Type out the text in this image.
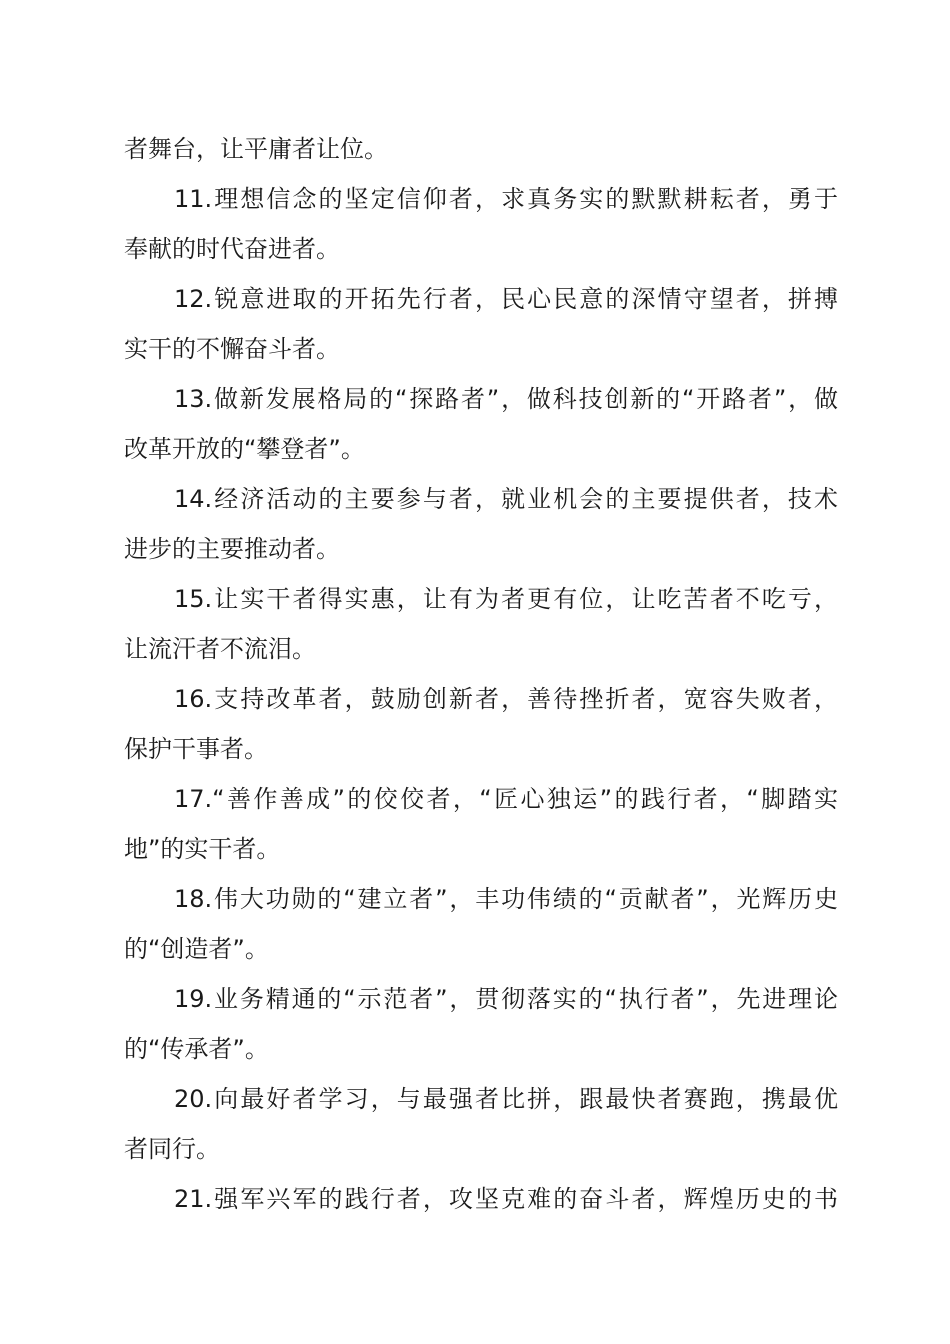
者舞台，让平庸者让位。
11.理想信念的坚定信仰者，求真务实的默默耕耘者，勇于
奉献的时代奋进者。
12.锐意进取的开拓先行者，民心民意的深情守望者，拼搏
实干的不懈奋斗者。
13.做新发展格局的“探路者”，做科技创新的“开路者”，做
改革开放的“攀登者”。
14.经济活动的主要参与者，就业机会的主要提供者，技术
进步的主要推动者。
15.让实干者得实惠，让有为者更有位，让吃苦者不吃亏，
让流汗者不流泪。
16.支持改革者，鼓励创新者，善待挫折者，宽容失败者，
保护干事者。
17.“善作善成”的佼佼者，“匠心独运”的践行者，“脚踏实
地”的实干者。
18.伟大功勋的“建立者”，丰功伟绩的“贡献者”，光辉历史
的“创造者”。
19.业务精通的“示范者”，贯彻落实的“执行者”，先进理论
的“传承者”。
20.向最好者学习，与最强者比拼，跟最快者赛跑，携最优
者同行。
21.强军兴军的践行者，攻坚克难的奋斗者，辉煌历史的书
